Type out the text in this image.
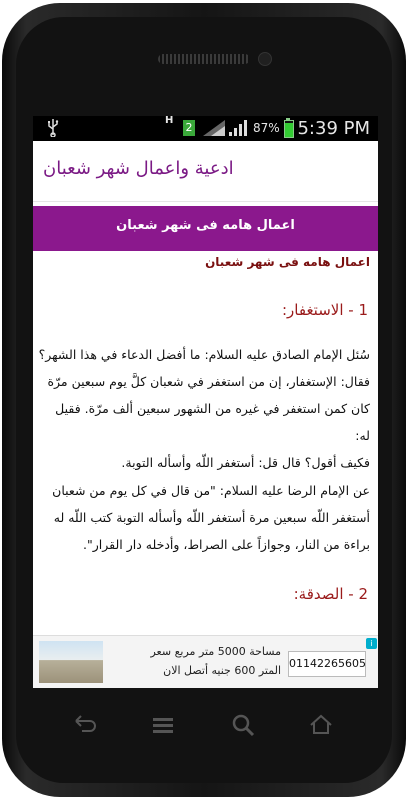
H
2	87% 5:39 PM
ادعية واعمال شهر شعبان
اعمال هامه فى شهر شعبان
اعمال هامه فى شهر شعبان
1 - الاستغفار:
سُئل الإمام الصادق عليه السلام: ما أفضل الدعاء في هذا الشهر؟
فقال: الإستغفار، إن من استغفر في شعبان كلَّ يوم سبعين مرّة
كان كمن استغفر في غيره من الشهور سبعين ألف مرّة. فقيل له:
فكيف أقول؟ قال قل: أستغفر اللّه وأسأله التوبة.
عن الإمام الرضا عليه السلام: "من قال في كل يوم من شعبان
أستغفر اللّه سبعين مرة أستغفر اللّه وأسأله التوبة كتب اللّه له
براءة من النار، وجوازاً على الصراط، وأدخله دار القرار".
2 - الصدقة:
مساحة 5000 متر مربع سعر
المتر 600 جنيه أتصل الان
01142265605
i
